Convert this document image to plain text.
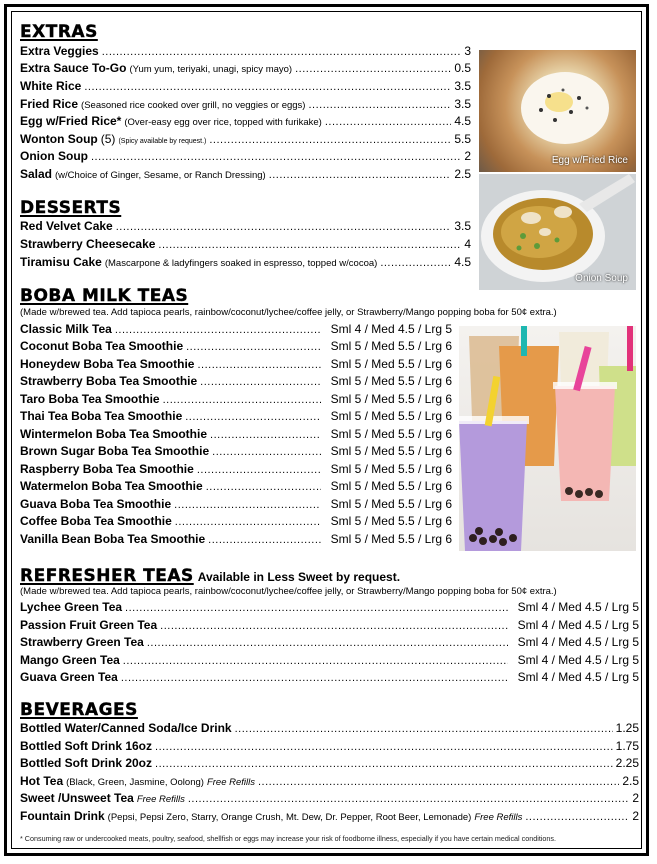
EXTRAS
Extra Veggies .....	3
Extra Sauce To-Go (Yum yum, teriyaki, unagi, spicy mayo) .....	0.5
White Rice .....	3.5
Fried Rice (Seasoned rice cooked over grill, no veggies or eggs) .....	3.5
Egg w/Fried Rice* (Over-easy egg over rice, topped with furikake) .....	4.5
Wonton Soup (5) (Spicy available by request.) .....	5.5
Onion Soup .....	2
Salad (w/Choice of Ginger, Sesame, or Ranch Dressing) .....	2.5
Egg w/Fried Rice
Onion Soup
DESSERTS
Red Velvet Cake .....	3.5
Strawberry Cheesecake .....	4
Tiramisu Cake (Mascarpone & ladyfingers soaked in espresso, topped w/cocoa) .....	4.5
BOBA MILK TEAS
(Made w/brewed tea. Add tapioca pearls, rainbow/coconut/lychee/coffee jelly, or Strawberry/Mango popping boba for 50¢ extra.)
Classic Milk Tea .....	Sml 4 / Med 4.5 / Lrg 5
Coconut Boba Tea Smoothie .....	Sml 5 / Med 5.5 / Lrg 6
Honeydew Boba Tea Smoothie .....	Sml 5 / Med 5.5 / Lrg 6
Strawberry Boba Tea Smoothie .....	Sml 5 / Med 5.5 / Lrg 6
Taro Boba Tea Smoothie .....	Sml 5 / Med 5.5 / Lrg 6
Thai Tea Boba Tea Smoothie .....	Sml 5 / Med 5.5 / Lrg 6
Wintermelon Boba Tea Smoothie .....	Sml 5 / Med 5.5 / Lrg 6
Brown Sugar Boba Tea Smoothie .....	Sml 5 / Med 5.5 / Lrg 6
Raspberry Boba Tea Smoothie .....	Sml 5 / Med 5.5 / Lrg 6
Watermelon Boba Tea Smoothie .....	Sml 5 / Med 5.5 / Lrg 6
Guava Boba Tea Smoothie .....	Sml 5 / Med 5.5 / Lrg 6
Coffee Boba Tea Smoothie .....	Sml 5 / Med 5.5 / Lrg 6
Vanilla Bean Boba Tea Smoothie .....	Sml 5 / Med 5.5 / Lrg 6
REFRESHER TEAS Available in Less Sweet by request.
(Made w/brewed tea. Add tapioca pearls, rainbow/coconut/lychee/coffee jelly, or Strawberry/Mango popping boba for 50¢ extra.)
Lychee Green Tea .....	Sml 4 / Med 4.5 / Lrg 5
Passion Fruit Green Tea .....	Sml 4 / Med 4.5 / Lrg 5
Strawberry Green Tea .....	Sml 4 / Med 4.5 / Lrg 5
Mango Green Tea .....	Sml 4 / Med 4.5 / Lrg 5
Guava Green Tea .....	Sml 4 / Med 4.5 / Lrg 5
BEVERAGES
Bottled Water/Canned Soda/Ice Drink .....	1.25
Bottled Soft Drink 16oz .....	1.75
Bottled Soft Drink 20oz .....	2.25
Hot Tea (Black, Green, Jasmine, Oolong) Free Refills .....	2.5
Sweet /Unsweet Tea Free Refills .....	2
Fountain Drink (Pepsi, Pepsi Zero, Starry, Orange Crush, Mt. Dew, Dr. Pepper, Root Beer, Lemonade) Free Refills .....	2
* Consuming raw or undercooked meats, poultry, seafood, shellfish or eggs may increase your risk of foodborne illness, especially if you have certain medical conditions.
